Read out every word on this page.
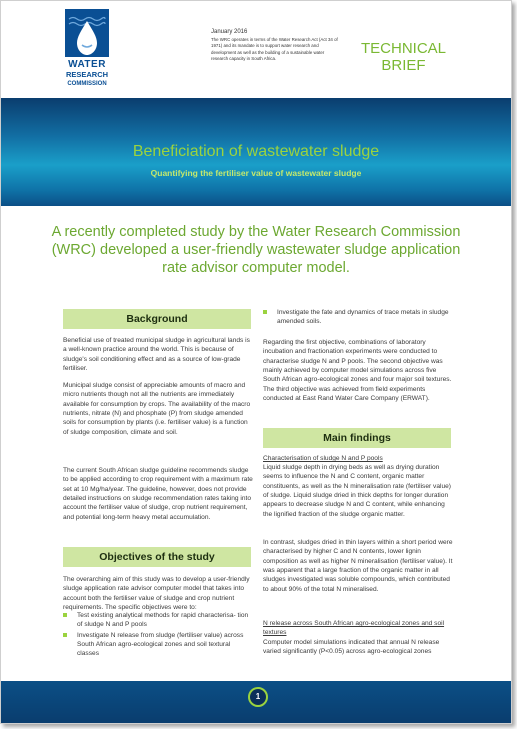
WATER
RESEARCH
COMMISSION
January 2016
The WRC operates in terms of the Water Research Act (Act 34 of 1971) and its mandate is to support water research and development as well as the building of a sustainable water research capacity in South Africa.
TECHNICAL
BRIEF
Beneficiation of wastewater sludge
Quantifying the fertiliser value of wastewater sludge
A recently completed study by the Water Research Commission (WRC) developed a user-friendly wastewater sludge application rate advisor computer model.
Background
Beneficial use of treated municipal sludge in agricultural lands is a well-known practice around the world. This is because of sludge's soil conditioning effect and as a source of low-grade fertiliser.
Municipal sludge consist of appreciable amounts of macro and micro nutrients though not all the nutrients are immediately available for consumption by crops. The availability of the macro nutrients, nitrate (N) and phosphate (P) from sludge amended soils for consumption by plants (i.e. fertiliser value) is a function of sludge composition, climate and soil.
The current South African sludge guideline recommends sludge to be applied according to crop requirement with a maximum rate set at 10 Mg/ha/year. The guideline, however, does not provide detailed instructions on sludge recommendation rates taking into account the fertiliser value of sludge, crop nutrient requirement, and potential long-term heavy metal accumulation.
Objectives of the study
The overarching aim of this study was to develop a user-friendly sludge application rate advisor computer model that takes into account both the fertiliser value of sludge and crop nutrient requirements. The specific objectives were to:
Test existing analytical methods for rapid characterisa- tion of sludge N and P pools
Investigate N release from sludge (fertiliser value) across South African agro-ecological zones and soil textural classes
Investigate the fate and dynamics of trace metals in sludge amended soils.
Regarding the first objective, combinations of laboratory incubation and fractionation experiments were conducted to characterise sludge N and P pools. The second objective was mainly achieved by computer model simulations across five South African agro-ecological zones and four major soil textures. The third objective was achieved from field experiments conducted at East Rand Water Care Company (ERWAT).
Main findings
Characterisation of sludge N and P pools
Liquid sludge depth in drying beds as well as drying duration seems to influence the N and C content, organic matter constituents, as well as the N mineralisation rate (fertiliser value) of sludge. Liquid sludge dried in thick depths for longer duration appears to decrease sludge N and C content, while enhancing the lignified fraction of the sludge organic matter.
In contrast, sludges dried in thin layers within a short period were characterised by higher C and N contents, lower lignin composition as well as higher N mineralisation (fertiliser value). It was apparent that a large fraction of the organic matter in all sludges investigated was soluble compounds, which contributed to about 90% of the total N mineralised.
N release across South African agro-ecological zones and soil textures
Computer model simulations indicated that annual N release varied significantly (P<0.05) across agro-ecological zones
1
